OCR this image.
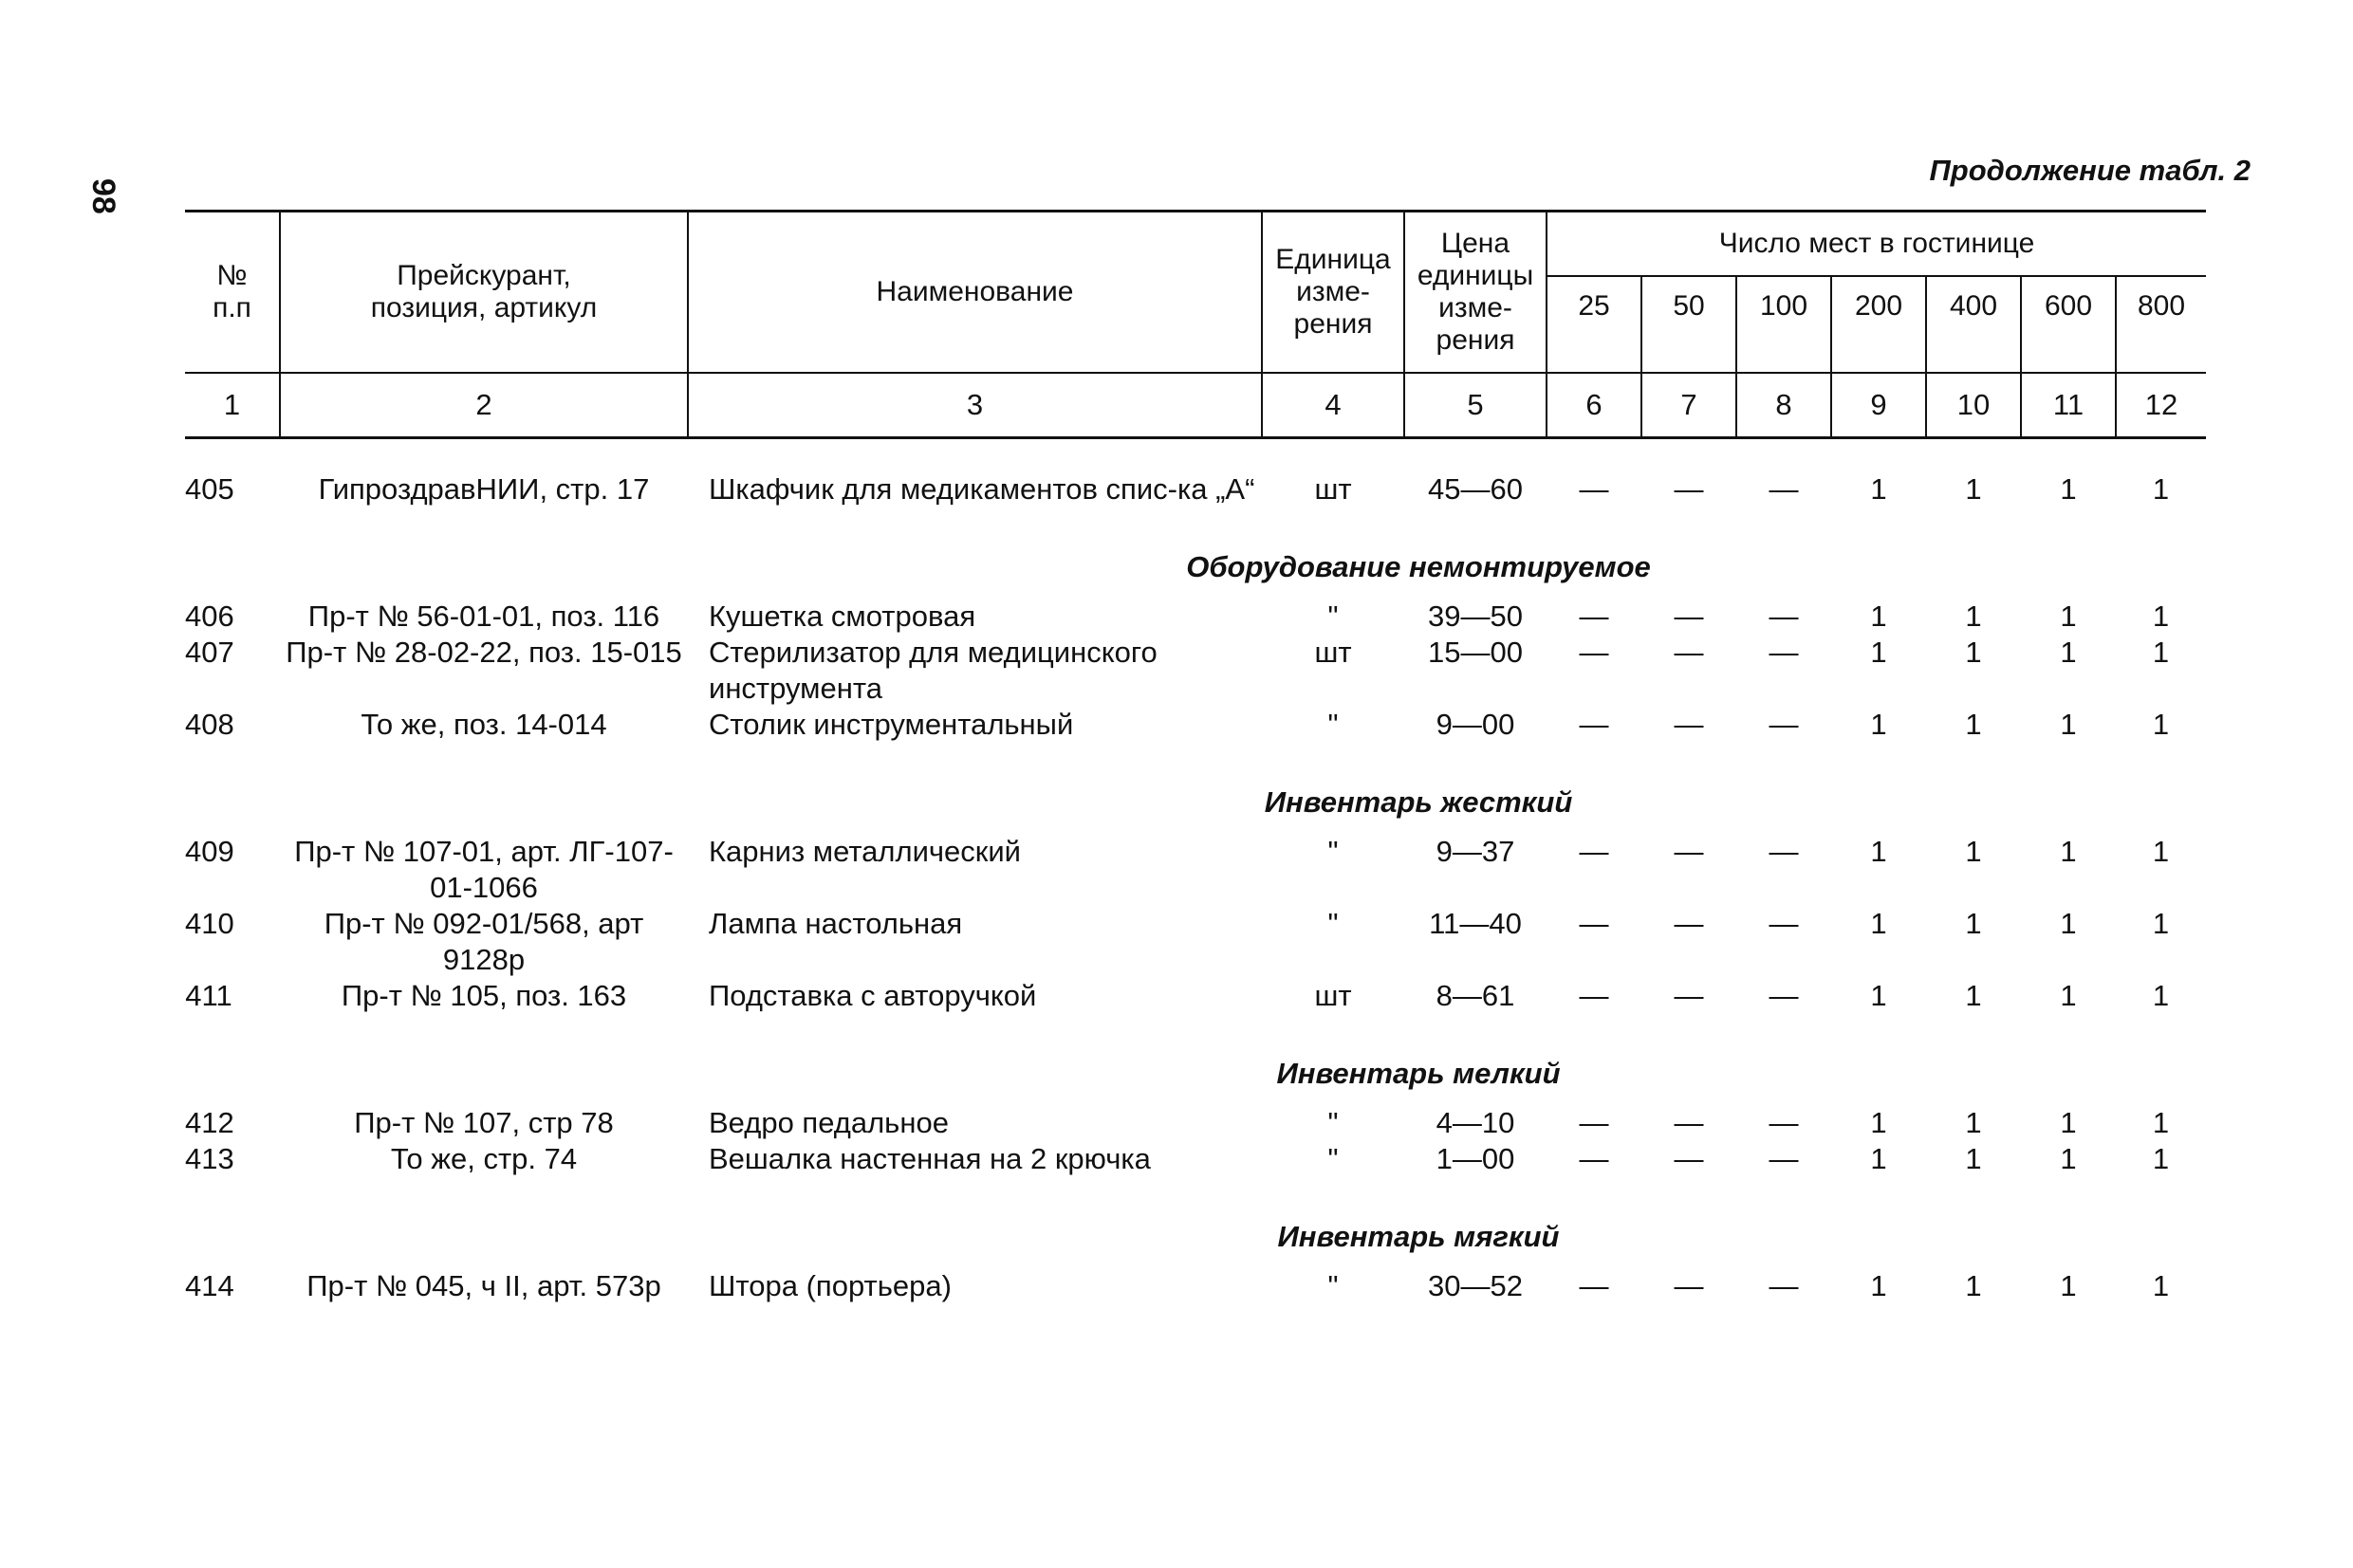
98
Продолжение табл. 2
№ п.п	Прейскурант, позиция, артикул	Наименование	Единица изме-рения	Цена единицы изме-рения	Число мест в гостинице						
					25	50	100	200	400	600	800
1	2	3	4	5	6	7	8	9	10	11	12

405	ГипроздравНИИ, стр. 17	Шкафчик для медикаментов спис-ка „А“	шт	45—60	—	—	—	1	1	1	1

Оборудование немонтируемое											
406	Пр-т № 56-01-01, поз. 116	Кушетка смотровая	"	39—50	—	—	—	1	1	1	1
407	Пр-т № 28-02-22, поз. 15-015	Стерилизатор для медицинского инструмента	шт	15—00	—	—	—	1	1	1	1
408	То же, поз. 14-014	Столик инструментальный	"	9—00	—	—	—	1	1	1	1

Инвентарь жесткий											
409	Пр-т № 107-01, арт. ЛГ-107-01-1066	Карниз металлический	"	9—37	—	—	—	1	1	1	1
410	Пр-т № 092-01/568, арт 9128р	Лампа настольная	"	11—40	—	—	—	1	1	1	1
411	Пр-т № 105, поз. 163	Подставка с авторучкой	шт	8—61	—	—	—	1	1	1	1

Инвентарь мелкий											
412	Пр-т № 107, стр 78	Ведро педальное	"	4—10	—	—	—	1	1	1	1
413	То же, стр. 74	Вешалка настенная на 2 крючка	"	1—00	—	—	—	1	1	1	1

Инвентарь мягкий											
414	Пр-т № 045, ч II, арт. 573р	Штора (портьера)	"	30—52	—	—	—	1	1	1	1
